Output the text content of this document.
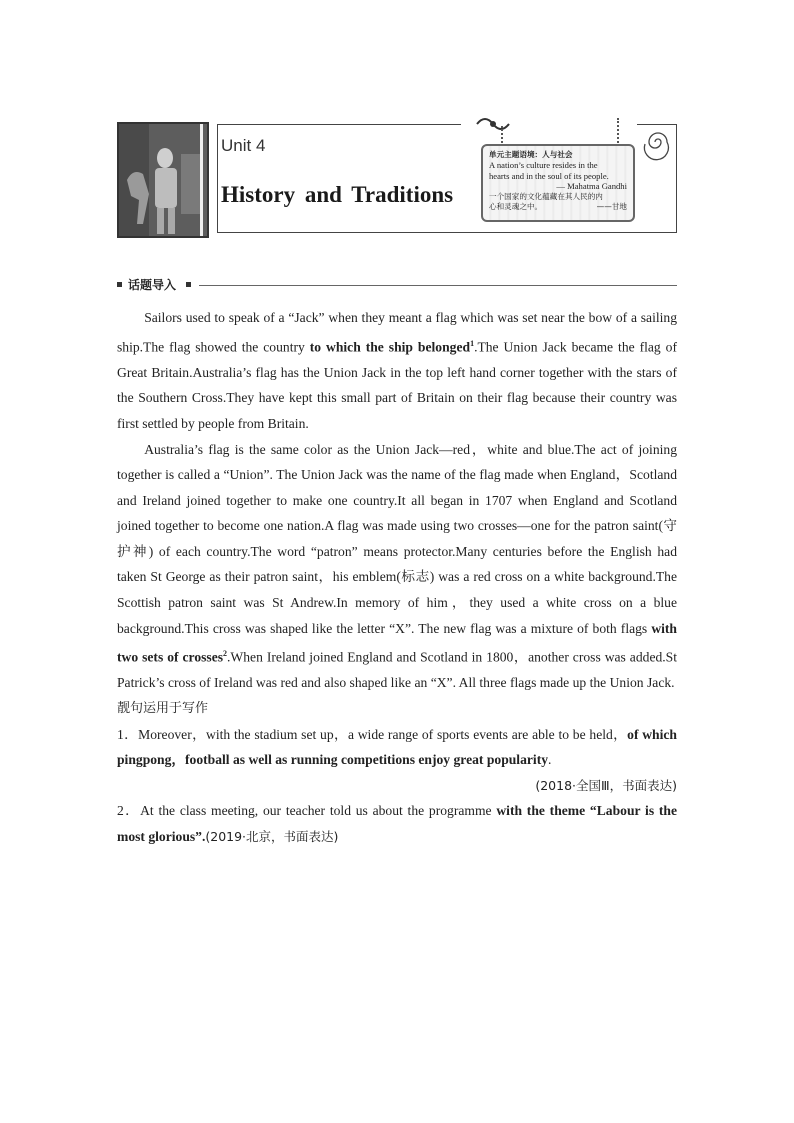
Unit 4
History and Traditions
单元主题语境：人与社会
A nation’s culture resides in the
hearts and in the soul of its people.
— Mahatma Gandhi
一个国家的文化蕴藏在其人民的内
心和灵魂之中。	——甘地
话题导入

Sailors used to speak of a “Jack” when they meant a flag which was set near the bow of a sailing ship.The flag showed the country to which the ship belonged$^1$.The Union Jack became the flag of Great Britain.Australia’s flag has the Union Jack in the top left hand corner together with the stars of the Southern Cross.They have kept this small part of Britain on their flag because their country was first settled by people from Britain.

Australia’s flag is the same color as the Union Jack—red，white and blue.The act of joining together is called a “Union”. The Union Jack was the name of the flag made when England，Scotland and Ireland joined together to make one country.It all began in 1707 when England and Scotland joined together to become one nation.A flag was made using two crosses—one for the patron saint(守护神) of each country.The word “patron” means protector.Many centuries before the English had taken St George as their patron saint，his emblem(标志) was a red cross on a white background.The Scottish patron saint was St Andrew.In memory of him，they used a white cross on a blue background.This cross was shaped like the letter “X”. The new flag was a mixture of both flags with two sets of crosses$^2$.When Ireland joined England and Scotland in 1800，another cross was added.St Patrick’s cross of Ireland was red and also shaped like an “X”. All three flags made up the Union Jack.

靓句运用于写作

1．Moreover，with the stadium set up，a wide range of sports events are able to be held，of which pingpong，football as well as running competitions enjoy great popularity.

(2018·全国Ⅲ，书面表达)

2．At the class meeting, our teacher told us about the programme with the theme “Labour is the most glorious”.(2019·北京，书面表达)
